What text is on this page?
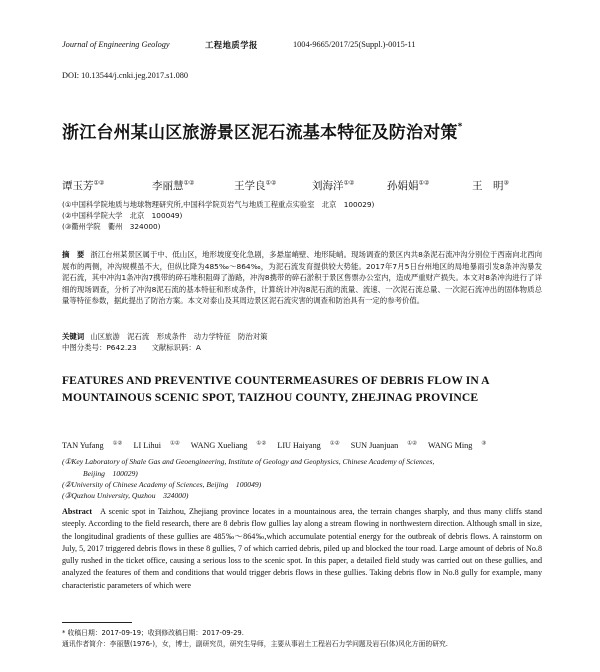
Journal of Engineering Geology	工程地质学报	1004-9665/2017/25(Suppl.)-0015-11
DOI: 10.13544/j.cnki.jeg.2017.s1.080
浙江台州某山区旅游景区泥石流基本特征及防治对策*
谭玉芳①②	李丽慧①②	王学良①②	刘海洋①②	孙娟娟①②	王　明③
(①中国科学院地质与地球物理研究所,中国科学院页岩气与地质工程重点实验室　北京　100029)
(②中国科学院大学　北京　100049)
(③衢州学院　衢州　324000)
摘　要 浙江台州某景区属于中、低山区，地形坡度变化急剧，多悬崖峭壁、地形陡峭。现场调查的景区内共8条泥石流冲沟分别位于西南向北西向展布的两侧，冲沟规模虽不大，但纵比降为485‰～864‰，为泥石流发育提供较大势能。2017年7月5日台州地区的局地暴雨引发8条冲沟暴发泥石流，其中冲沟1条冲沟7携带的碎石堆积阻碍了游路，冲沟8携带的碎石淤积于景区售票办公室内，造成严重财产损失。本文对8条冲沟进行了详细的现场调查，分析了冲沟8泥石流的基本特征和形成条件，计算统计冲沟8泥石流的流量、流速、一次泥石流总量、一次泥石流冲出的固体物质总量等特征参数，据此提出了防治方案。本文对泰山及其周边景区泥石流灾害的调查和防治具有一定的参考价值。
关键词 山区旅游　泥石流　形成条件　动力学特征　防治对策
中图分类号：P642.23　　 文献标识码：A
FEATURES AND PREVENTIVE COUNTERMEASURES OF DEBRIS FLOW IN A MOUNTAINOUS SCENIC SPOT, TAIZHOU COUNTY, ZHEJINAG PROVINCE
TAN Yufang ①② LI Lihui ①② WANG Xueliang ①② LIU Haiyang ①② SUN Juanjuan ①② WANG Ming ③
(①Key Laboratory of Shale Gas and Geoengineering, Institute of Geology and Geophysics, Chinese Academy of Sciences,
Beijing　100029)
(②University of Chinese Academy of Sciences, Beijing　100049)
(③Quzhou University, Quzhou　324000)
Abstract A scenic spot in Taizhou, Zhejiang province locates in a mountainous area, the terrain changes sharply, and thus many cliffs stand steeply. According to the field research, there are 8 debris flow gullies lay along a stream flowing in northwestern direction. Although small in size, the longitudinal gradients of these gullies are 485‰～864‰,which accumulate potential energy for the outbreak of debris flows. A rainstorm on July, 5, 2017 triggered debris flows in these 8 gullies, 7 of which carried debris, piled up and blocked the tour road. Large amount of debris of No.8 gully rushed in the ticket office, causing a serious loss to the scenic spot. In this paper, a detailed field study was carried out on these gullies, and analyzed the features of them and conditions that would trigger debris flows in these gullies. Taking debris flow in No.8 gully for example, many characteristic parameters of which were
* 收稿日期：2017-09-19；收到修改稿日期：2017-09-29.
通讯作者简介：李丽慧(1976-)，女，博士，副研究员，研究生导师，主要从事岩土工程岩石力学问题及岩石(体)风化方面的研究.
